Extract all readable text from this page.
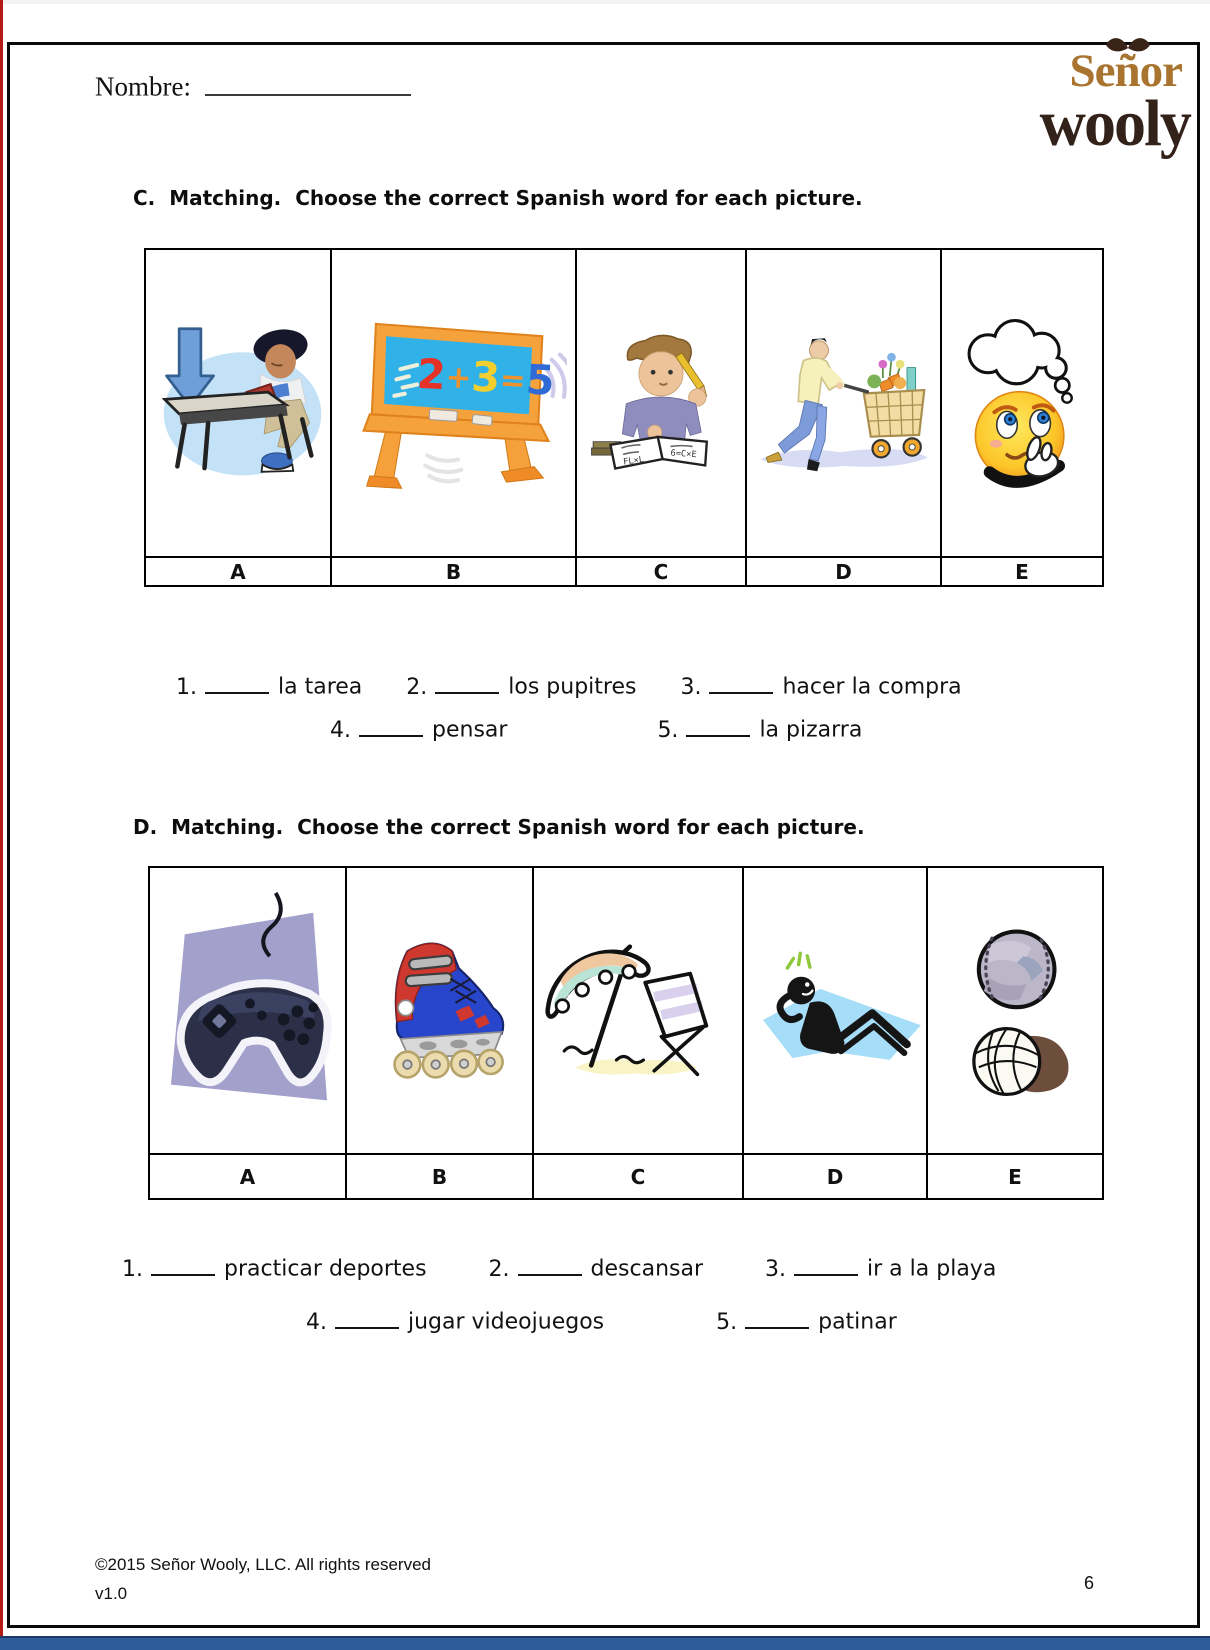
Nombre:	Señor
wooly
C.  Matching.  Choose the correct Spanish word for each picture.
2+3=5
FL×L
6=C×E
A	B	C	D	E
1.	la tarea 2.	los pupitres 3.	hacer la compra
4.	pensar	5.	la pizarra
D.  Matching.  Choose the correct Spanish word for each picture.
A	B	C	D	E
1.	practicar deportes	2.	descansar	3.	ir a la playa
4.	jugar videojuegos	5.	patinar
©2015 Señor Wooly, LLC. All rights reserved
v1.0
6
